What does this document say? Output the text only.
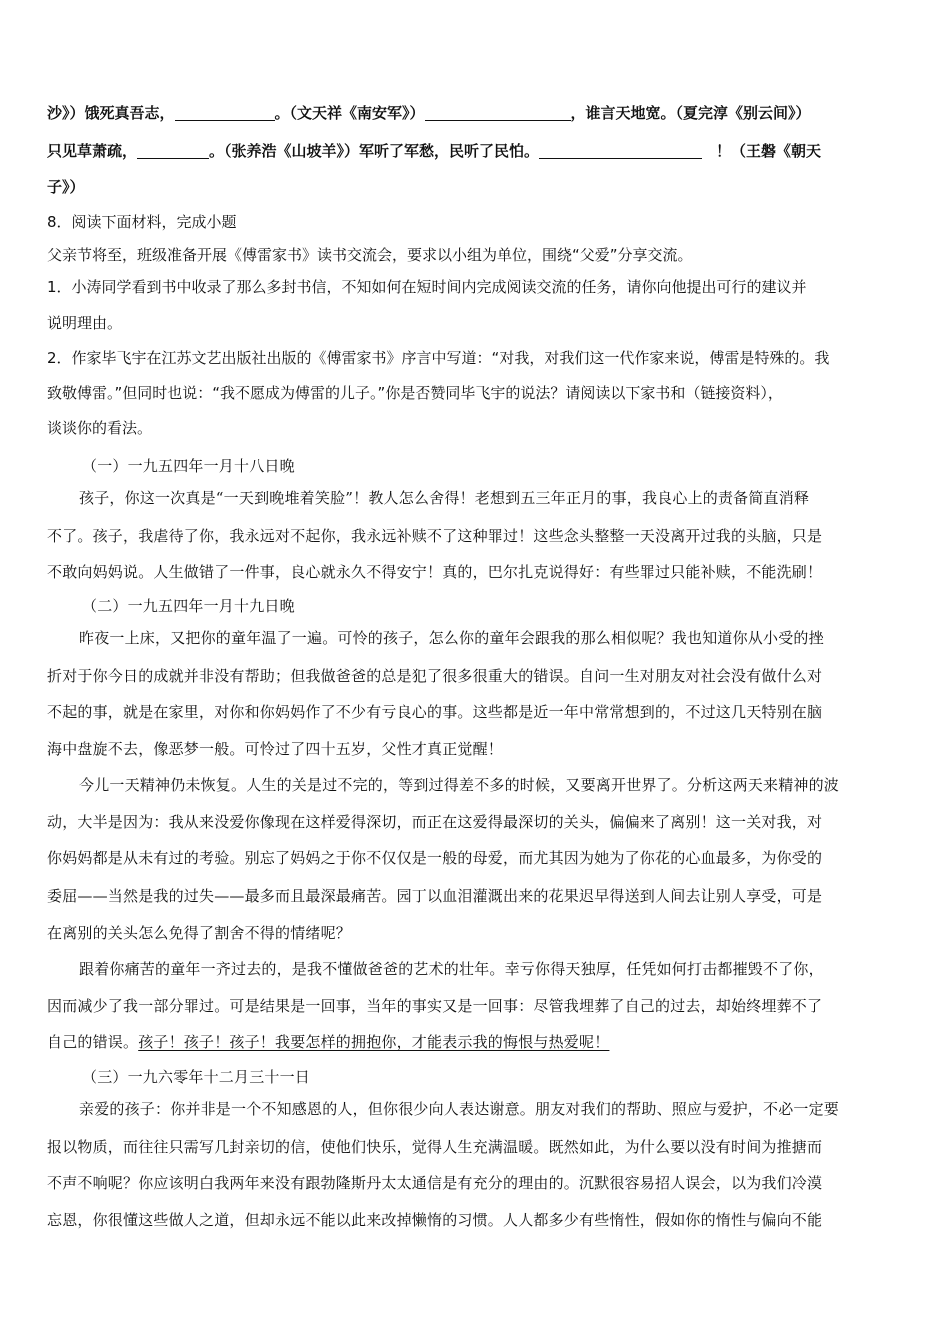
沙》）饿死真吾志，	。（文天祥《南安军》）	，谁言天地宽。（夏完淳《别云间》）
只见草萧疏，	。（张养浩《山坡羊》）军听了军愁，民听了民怕。	！（王磐《朝天
子》）
8．阅读下面材料，完成小题
父亲节将至，班级准备开展《傅雷家书》读书交流会，要求以小组为单位，围绕“父爱”分享交流。
1．小涛同学看到书中收录了那么多封书信，不知如何在短时间内完成阅读交流的任务，请你向他提出可行的建议并
说明理由。
2．作家毕飞宇在江苏文艺出版社出版的《傅雷家书》序言中写道：“对我，对我们这一代作家来说，傅雷是特殊的。我
致敬傅雷。”但同时也说：“我不愿成为傅雷的儿子。”你是否赞同毕飞宇的说法？请阅读以下家书和（链接资料），
谈谈你的看法。
（一）一九五四年一月十八日晚
孩子，你这一次真是“一天到晚堆着笑脸”！教人怎么舍得！老想到五三年正月的事，我良心上的责备简直消释
不了。孩子，我虐待了你，我永远对不起你，我永远补赎不了这种罪过！这些念头整整一天没离开过我的头脑，只是
不敢向妈妈说。人生做错了一件事，良心就永久不得安宁！真的，巴尔扎克说得好：有些罪过只能补赎，不能洗刷！
（二）一九五四年一月十九日晚
昨夜一上床，又把你的童年温了一遍。可怜的孩子，怎么你的童年会跟我的那么相似呢？我也知道你从小受的挫
折对于你今日的成就并非没有帮助；但我做爸爸的总是犯了很多很重大的错误。自问一生对朋友对社会没有做什么对
不起的事，就是在家里，对你和你妈妈作了不少有亏良心的事。这些都是近一年中常常想到的，不过这几天特别在脑
海中盘旋不去，像恶梦一般。可怜过了四十五岁，父性才真正觉醒！
今儿一天精神仍未恢复。人生的关是过不完的，等到过得差不多的时候，又要离开世界了。分析这两天来精神的波
动，大半是因为：我从来没爱你像现在这样爱得深切，而正在这爱得最深切的关头，偏偏来了离别！这一关对我，对
你妈妈都是从未有过的考验。别忘了妈妈之于你不仅仅是一般的母爱，而尤其因为她为了你花的心血最多，为你受的
委屈——当然是我的过失——最多而且最深最痛苦。园丁以血泪灌溉出来的花果迟早得送到人间去让别人享受，可是
在离别的关头怎么免得了割舍不得的情绪呢？
跟着你痛苦的童年一齐过去的，是我不懂做爸爸的艺术的壮年。幸亏你得天独厚，任凭如何打击都摧毁不了你，
因而减少了我一部分罪过。可是结果是一回事，当年的事实又是一回事：尽管我埋葬了自己的过去，却始终埋葬不了
自己的错误。孩子！孩子！孩子！我要怎样的拥抱你，才能表示我的悔恨与热爱呢！
（三）一九六零年十二月三十一日
亲爱的孩子：你并非是一个不知感恩的人，但你很少向人表达谢意。朋友对我们的帮助、照应与爱护，不必一定要
报以物质，而往往只需写几封亲切的信，使他们快乐，觉得人生充满温暖。既然如此，为什么要以没有时间为推搪而
不声不响呢？你应该明白我两年来没有跟勃隆斯丹太太通信是有充分的理由的。沉默很容易招人误会，以为我们冷漠
忘恩，你很懂这些做人之道，但却永远不能以此来改掉懒惰的习惯。人人都多少有些惰性，假如你的惰性与偏向不能
